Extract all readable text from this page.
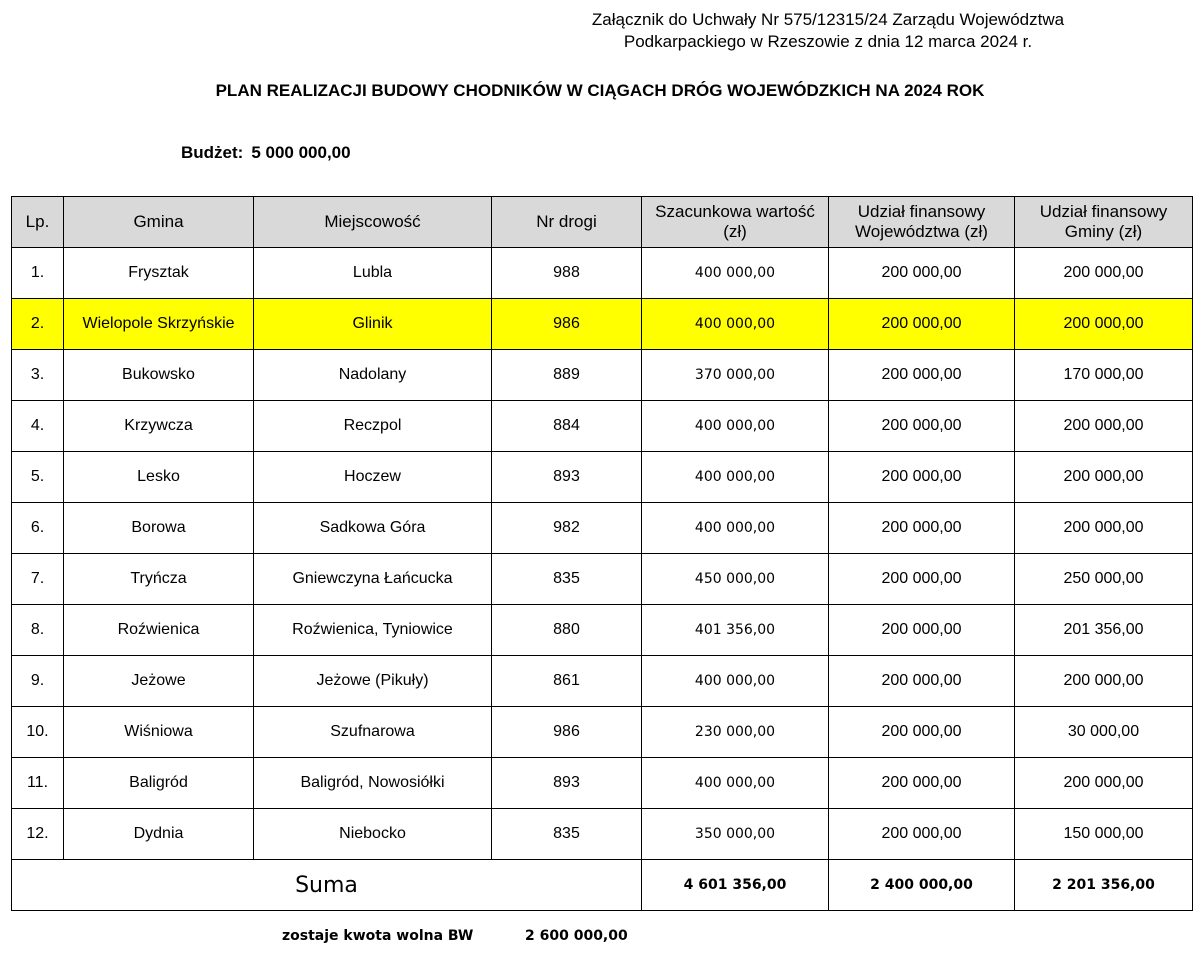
Załącznik do Uchwały Nr 575/12315/24 Zarządu Województwa
Podkarpackiego w Rzeszowie z dnia 12 marca 2024 r.
PLAN REALIZACJI BUDOWY CHODNIKÓW W CIĄGACH DRÓG WOJEWÓDZKICH NA 2024 ROK
Budżet: 5 000 000,00
Lp.	Gmina	Miejscowość	Nr drogi	Szacunkowa wartość (zł)	Udział finansowy Województwa (zł)	Udział finansowy Gminy (zł)
1.	Frysztak	Lubla	988	400 000,00	200 000,00	200 000,00
2.	Wielopole Skrzyńskie	Glinik	986	400 000,00	200 000,00	200 000,00
3.	Bukowsko	Nadolany	889	370 000,00	200 000,00	170 000,00
4.	Krzywcza	Reczpol	884	400 000,00	200 000,00	200 000,00
5.	Lesko	Hoczew	893	400 000,00	200 000,00	200 000,00
6.	Borowa	Sadkowa Góra	982	400 000,00	200 000,00	200 000,00
7.	Tryńcza	Gniewczyna Łańcucka	835	450 000,00	200 000,00	250 000,00
8.	Roźwienica	Roźwienica, Tyniowice	880	401 356,00	200 000,00	201 356,00
9.	Jeżowe	Jeżowe (Pikuły)	861	400 000,00	200 000,00	200 000,00
10.	Wiśniowa	Szufnarowa	986	230 000,00	200 000,00	30 000,00
11.	Baligród	Baligród, Nowosiółki	893	400 000,00	200 000,00	200 000,00
12.	Dydnia	Niebocko	835	350 000,00	200 000,00	150 000,00
Suma				4 601 356,00	2 400 000,00	2 201 356,00
zostaje kwota wolna BW	2 600 000,00
